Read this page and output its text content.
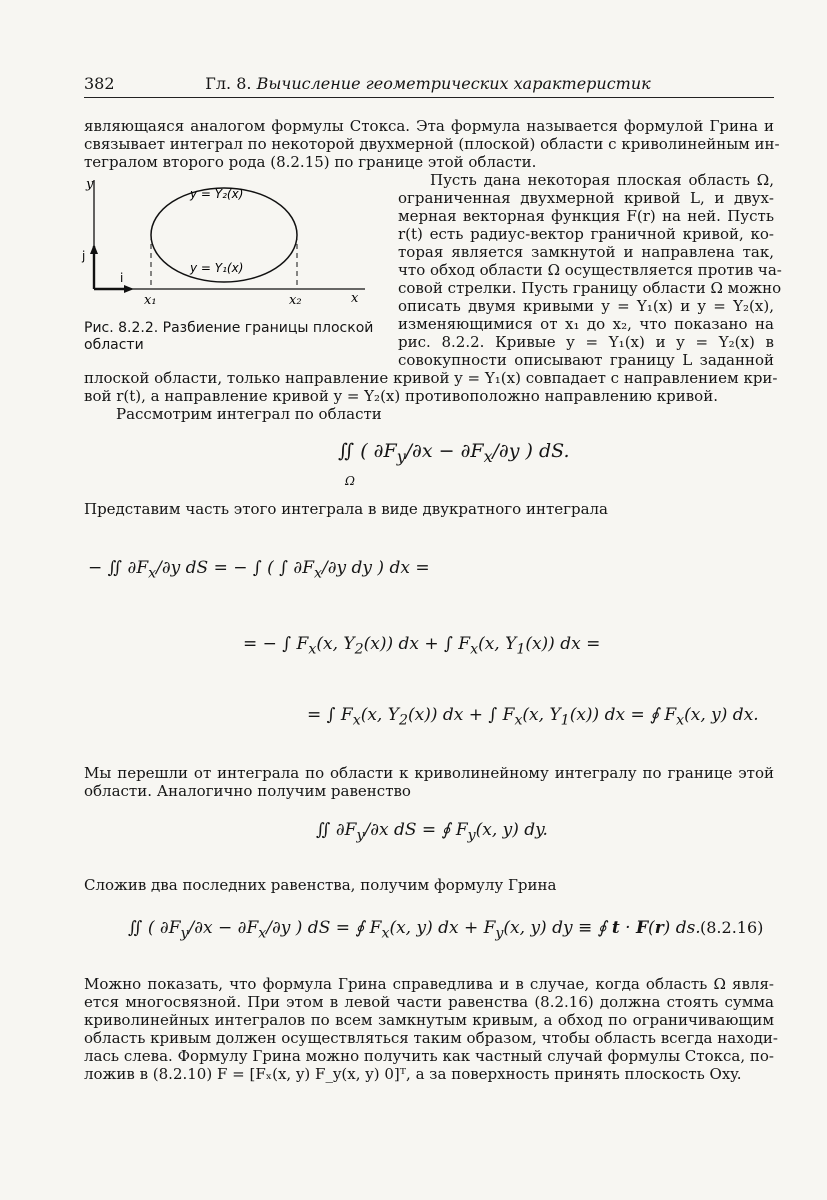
382	Гл. 8. Вычисление геометрических характеристик
являющаяся аналогом формулы Стокса. Эта формула называется формулой Грина и
связывает интеграл по некоторой двухмерной (плоской) области с криволинейным ин-
тегралом второго рода (8.2.15) по границе этой области.
y
x
y = Y₂(x)
y = Y₁(x)
x₁	x₂
i
j
Рис. 8.2.2. Разбиение границы плоской
области
Пусть дана некоторая плоская область Ω,
ограниченная двухмерной кривой L, и двух-
мерная векторная функция F(r) на ней. Пусть
r(t) есть радиус-вектор граничной кривой, ко-
торая является замкнутой и направлена так,
что обход области Ω осуществляется против ча-
совой стрелки. Пусть границу области Ω можно
описать двумя кривыми y = Y₁(x) и y = Y₂(x),
изменяющимися от x₁ до x₂, что показано на
рис. 8.2.2. Кривые y = Y₁(x) и y = Y₂(x) в
совокупности описывают границу L заданной
плоской области, только направление кривой y = Y₁(x) совпадает с направлением кри-
вой r(t), а направление кривой y = Y₂(x) противоположно направлению кривой.
Рассмотрим интеграл по области
∬ ( $\partial F_y/\partial x - \partial F_x/\partial y$ ) dS.
Ω
Представим часть этого интеграла в виде двукратного интеграла
− ∬ $\partial F_x/\partial y$ dS = − ∫ ( ∫ $\partial F_x/\partial y$ dy ) dx =
= − ∫ $F_x(x$, $Y_2(x)$) dx + ∫ $F_x(x$, $Y_1(x)$) dx =
= ∫ $F_x(x$, $Y_2(x)$) dx + ∫ $F_x(x$, $Y_1(x)$) dx = ∮ $F_x(x$, y) dx.
Мы перешли от интеграла по области к криволинейному интегралу по границе этой
области. Аналогично получим равенство
∬ $\partial F_y/\partial x$ dS = ∮ $F_y(x$, y) dy.
Сложив два последних равенства, получим формулу Грина
∬ ( $\partial F_y/\partial x - \partial F_x/\partial y$ ) dS = ∮ $F_x(x$, y) dx + $F_y(x$, y) dy ≡ ∮ t · F(r) ds. (8.2.16)
Можно показать, что формула Грина справедлива и в случае, когда область Ω явля-
ется многосвязной. При этом в левой части равенства (8.2.16) должна стоять сумма
криволинейных интегралов по всем замкнутым кривым, а обход по ограничивающим
область кривым должен осуществляться таким образом, чтобы область всегда находи-
лась слева. Формулу Грина можно получить как частный случай формулы Стокса, по-
ложив в (8.2.10) F = [Fₓ(x, y) F_y(x, y) 0]ᵀ, а за поверхность принять плоскость Oxy.
